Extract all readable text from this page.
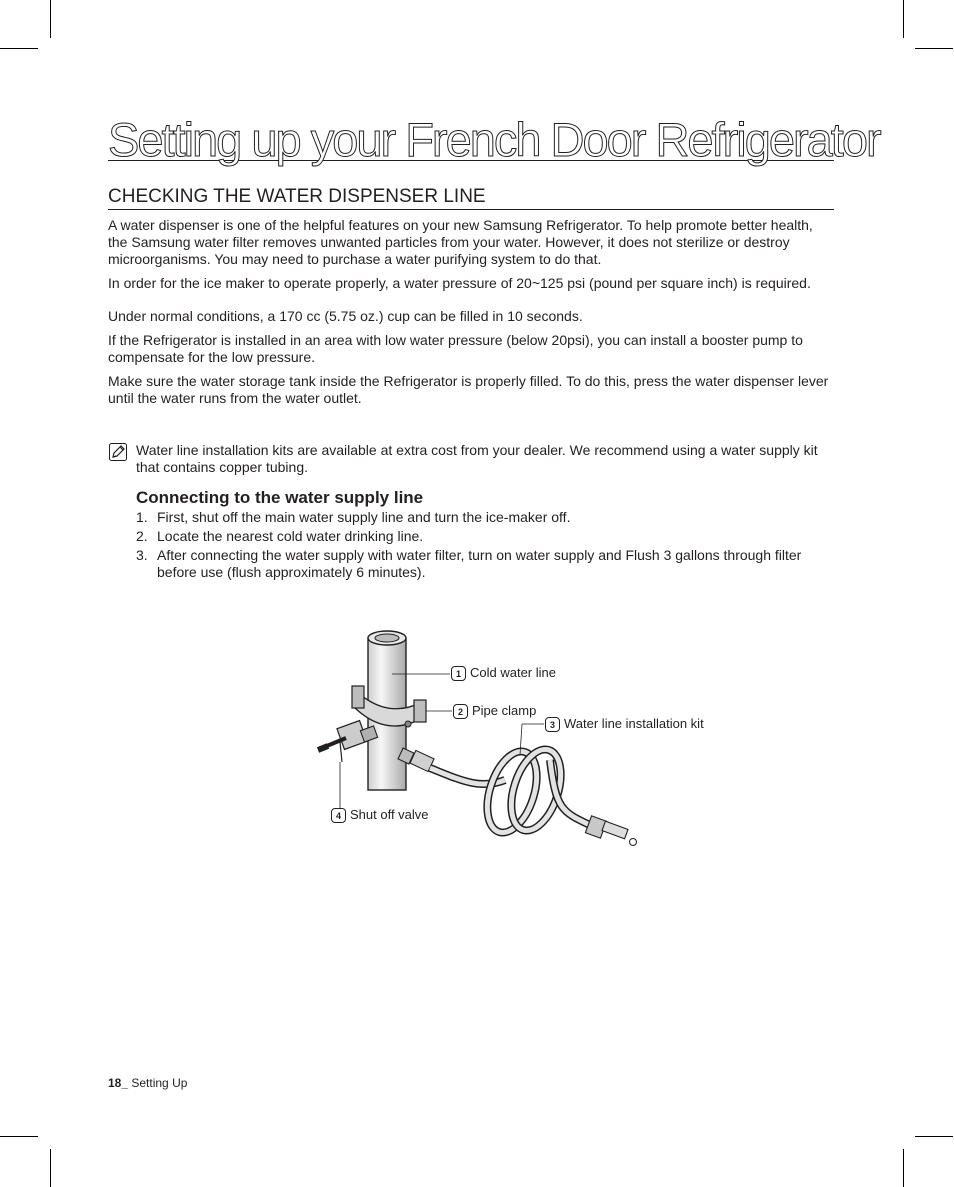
Setting up your French Door Refrigerator
CHECKING THE WATER DISPENSER LINE

A water dispenser is one of the helpful features on your new Samsung Refrigerator. To help promote better health, the Samsung water filter removes unwanted particles from your water. However, it does not sterilize or destroy microorganisms. You may need to purchase a water purifying system to do that.

In order for the ice maker to operate properly, a water pressure of 20~125 psi (pound per square inch) is required.

Under normal conditions, a 170 cc (5.75 oz.) cup can be filled in 10 seconds.

If the Refrigerator is installed in an area with low water pressure (below 20psi), you can install a booster pump to compensate for the low pressure.

Make sure the water storage tank inside the Refrigerator is properly filled. To do this, press the water dispenser lever until the water runs from the water outlet.

Water line installation kits are available at extra cost from your dealer. We recommend using a water supply kit that contains copper tubing.

Connecting to the water supply line
1. First, shut off the main water supply line and turn the ice-maker off.
2. Locate the nearest cold water drinking line.
3. After connecting the water supply with water filter, turn on water supply and Flush 3 gallons through filter before use (flush approximately 6 minutes).
1 Cold water line
2 Pipe clamp
3 Water line installation kit
4 Shut off valve
18_ Setting Up
